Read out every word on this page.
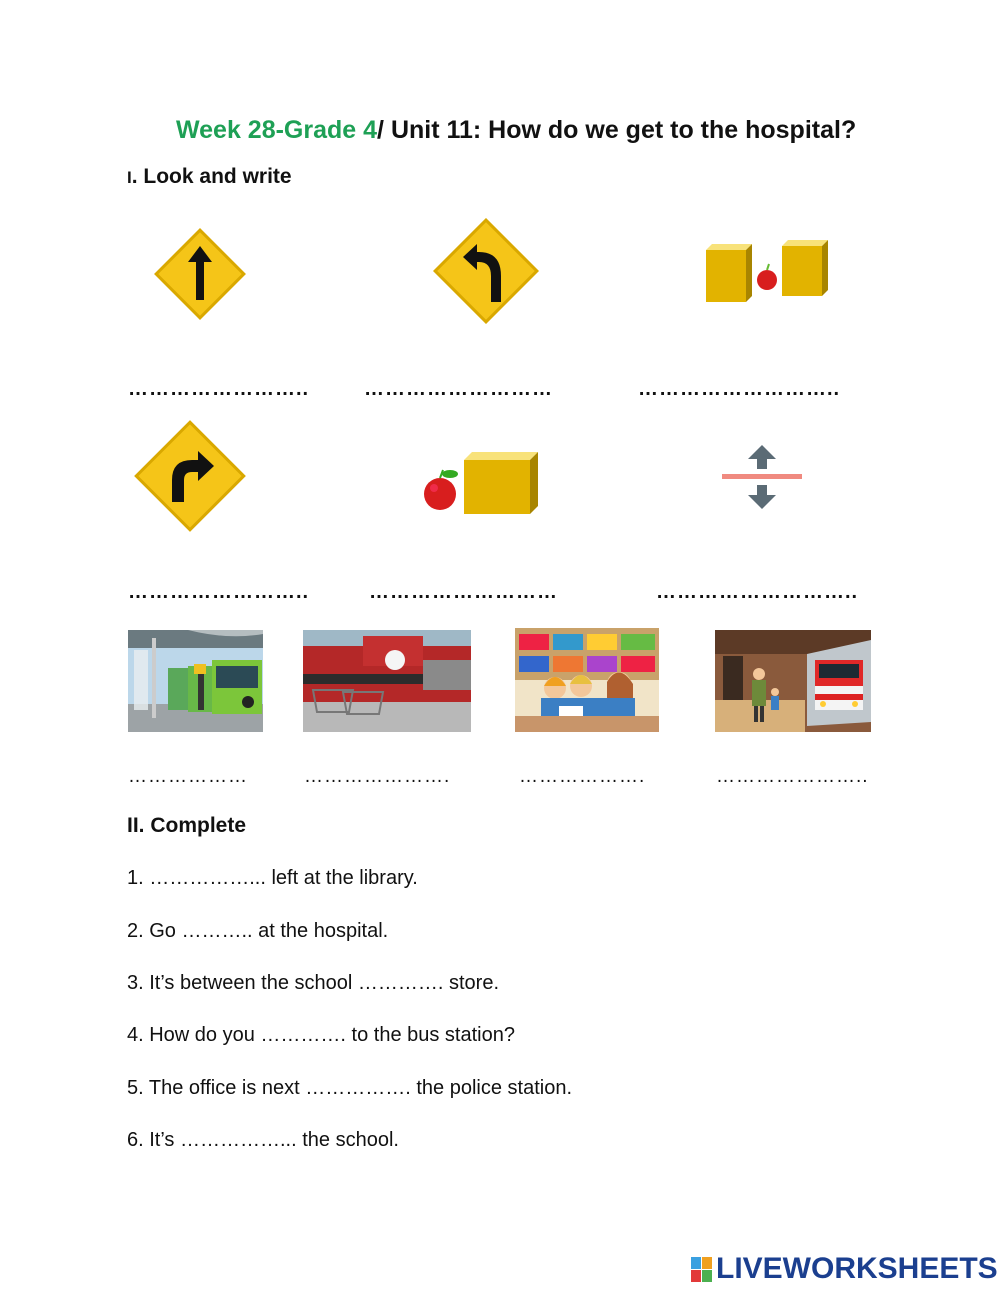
Week 28-Grade 4/ Unit 11: How do we get to the hospital?
I. Look and write
……………………..	………………………	………………………..
……………………..	………………………	………………………..
………………	………………….	……………….	…………………..
II. Complete
1. ……………... left at the library.
2. Go ……….. at the hospital.
3. It’s between the school …………. store.
4. How do you …………. to the bus station?
5. The office is next ……………. the police station.
6. It’s ……………... the school.
LIVEWORKSHEETS
